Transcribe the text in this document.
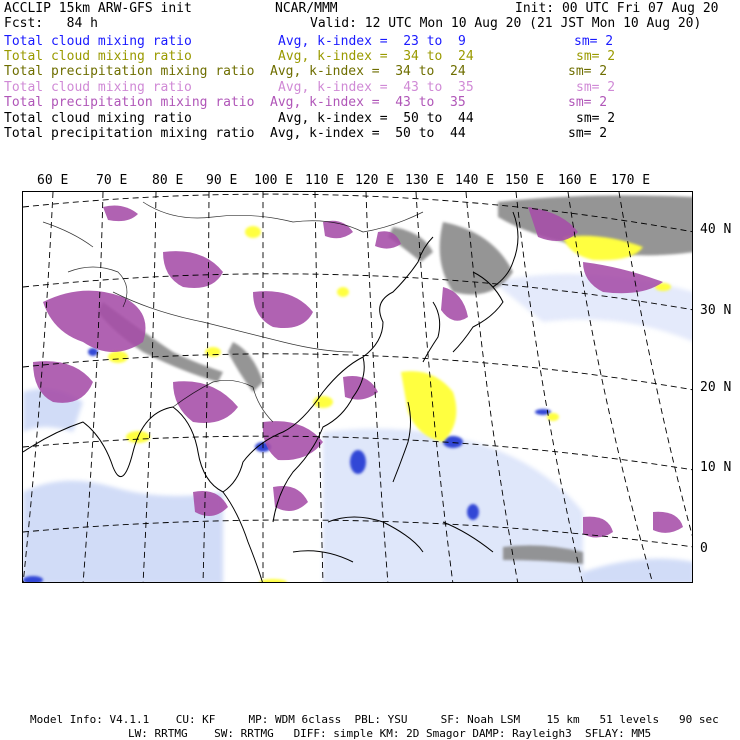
ACCLIP 15km ARW-GFS init	NCAR/MMM	Init: 00 UTC Fri 07 Aug 20
Fcst:   84 h	Valid: 12 UTC Mon 10 Aug 20 (21 JST Mon 10 Aug 20)
Total cloud mixing ratio	Avg, k-index =  23 to  9	sm= 2
Total cloud mixing ratio	Avg, k-index =  34 to  24	sm= 2
Total precipitation mixing ratio Avg, k-index =  34 to  24	sm= 2
Total cloud mixing ratio	Avg, k-index =  43 to  35	sm= 2
Total precipitation mixing ratio Avg, k-index =  43 to  35	sm= 2
Total cloud mixing ratio	Avg, k-index =  50 to  44	sm= 2
Total precipitation mixing ratio Avg, k-index =  50 to  44	sm= 2
60 E 70 E 80 E 90 E 100 E 110 E 120 E 130 E 140 E 150 E 160 E 170 E
40 N
30 N
20 N
10 N
0
Model Info: V4.1.1    CU: KF     MP: WDM 6class  PBL: YSU     SF: Noah LSM    15 km   51 levels   90 sec
LW: RRTMG    SW: RRTMG   DIFF: simple KM: 2D Smagor DAMP: Rayleigh3  SFLAY: MM5
